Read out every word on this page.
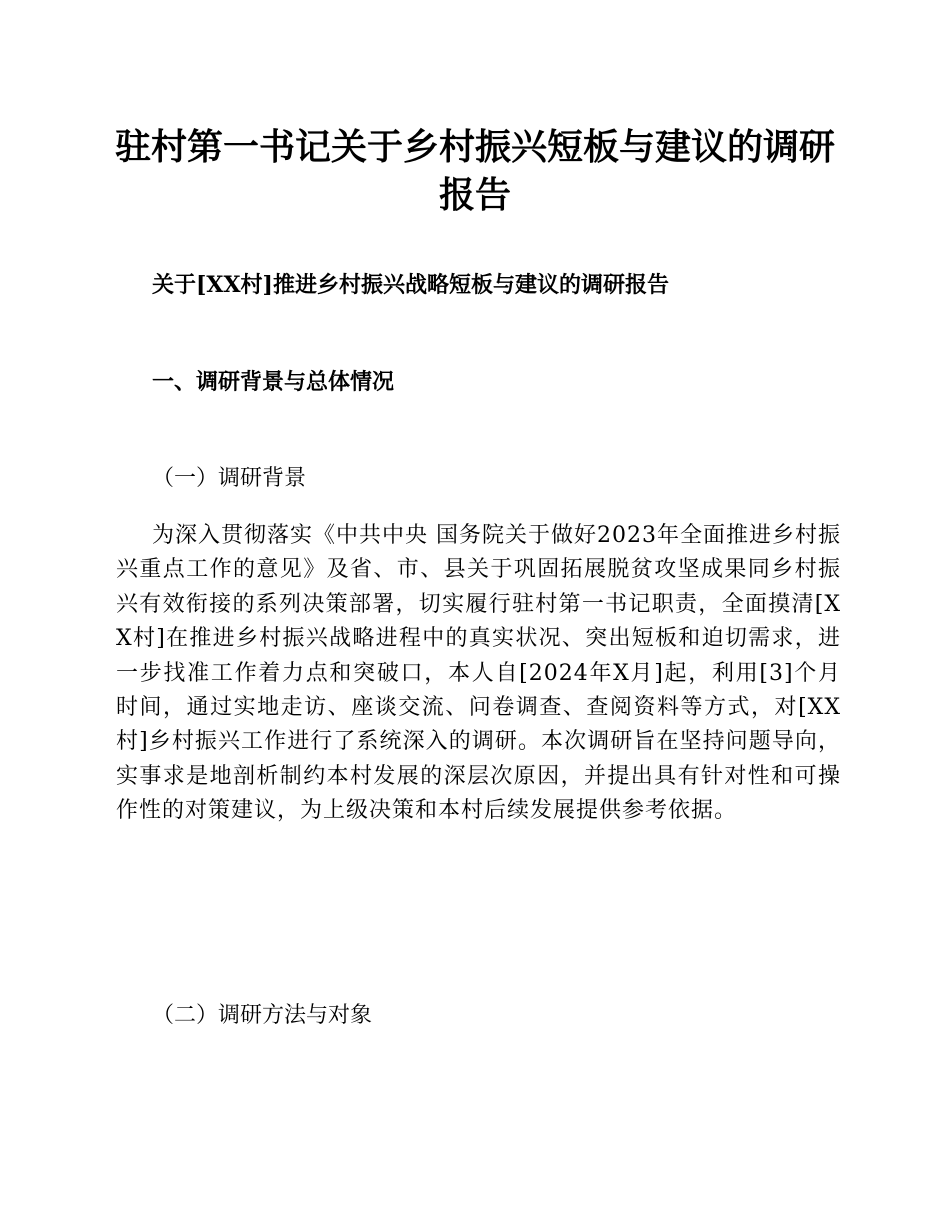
驻村第一书记关于乡村振兴短板与建议的调研报告

关于[XX村]推进乡村振兴战略短板与建议的调研报告

一、调研背景与总体情况

（一）调研背景

为深入贯彻落实《中共中央 国务院关于做好2023年全面推进乡村振兴重点工作的意见》及省、市、县关于巩固拓展脱贫攻坚成果同乡村振兴有效衔接的系列决策部署，切实履行驻村第一书记职责，全面摸清[XX村]在推进乡村振兴战略进程中的真实状况、突出短板和迫切需求，进一步找准工作着力点和突破口，本人自[2024年X月]起，利用[3]个月时间，通过实地走访、座谈交流、问卷调查、查阅资料等方式，对[XX村]乡村振兴工作进行了系统深入的调研。本次调研旨在坚持问题导向，实事求是地剖析制约本村发展的深层次原因，并提出具有针对性和可操作性的对策建议，为上级决策和本村后续发展提供参考依据。

（二）调研方法与对象
